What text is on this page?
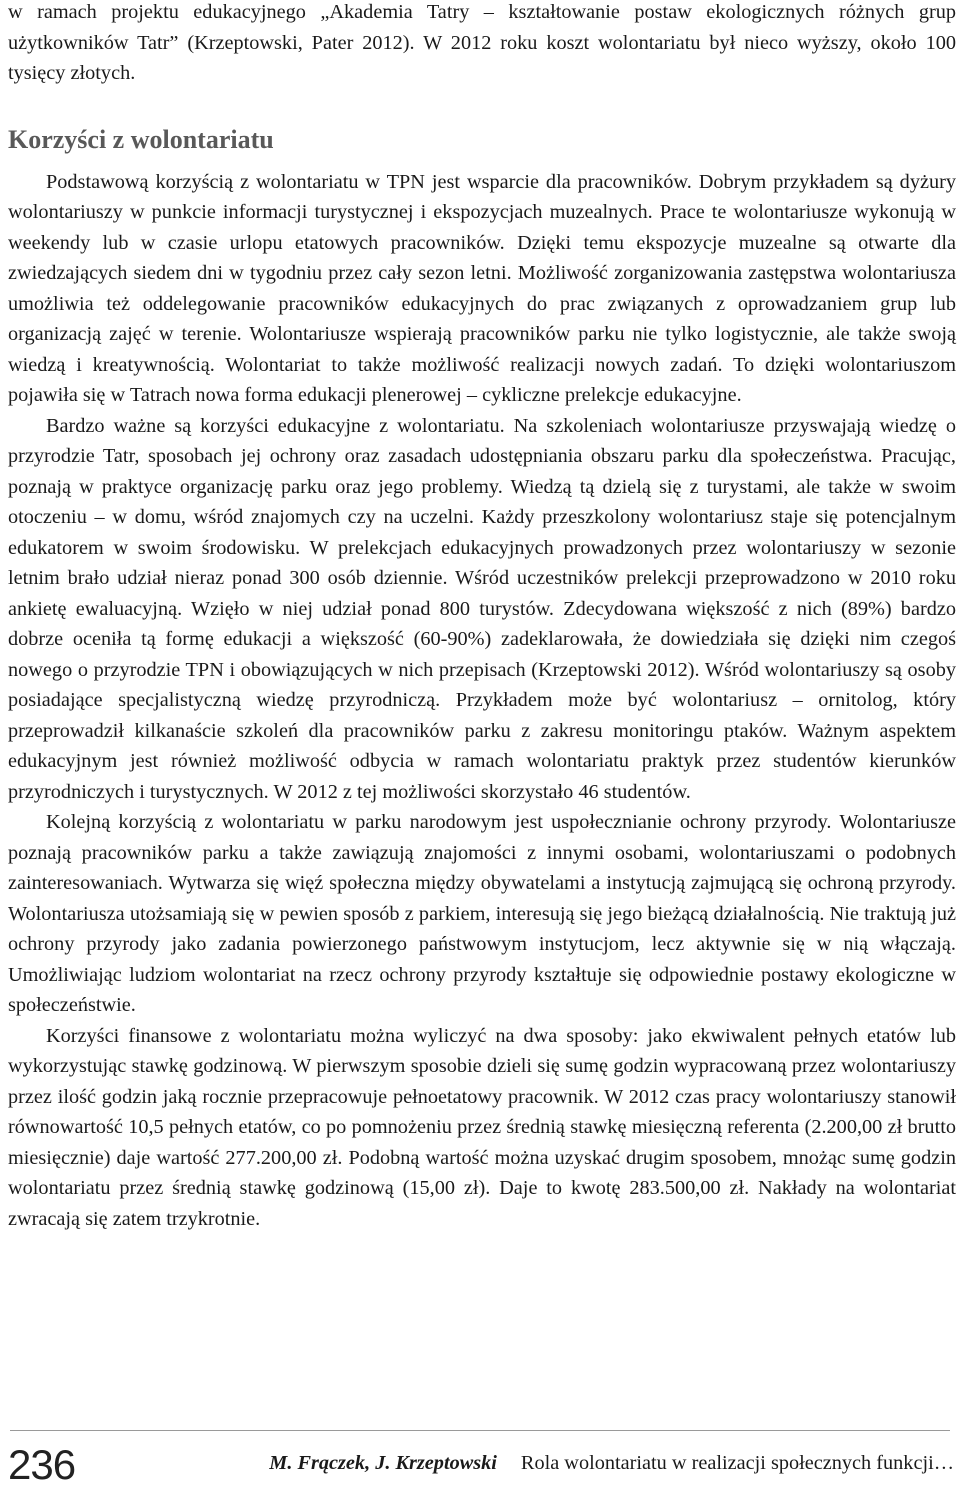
w ramach projektu edukacyjnego „Akademia Tatry – kształtowanie postaw ekologicznych różnych grup użytkowników Tatr” (Krzeptowski, Pater 2012). W 2012 roku koszt wolontariatu był nieco wyższy, około 100 tysięcy złotych.

Korzyści z wolontariatu

Podstawową korzyścią z wolontariatu w TPN jest wsparcie dla pracowników. Dobrym przykładem są dyżury wolontariuszy w punkcie informacji turystycznej i ekspozycjach muzealnych. Prace te wolontariusze wykonują w weekendy lub w czasie urlopu etatowych pracowników. Dzięki temu ekspozycje muzealne są otwarte dla zwiedzających siedem dni w tygodniu przez cały sezon letni. Możliwość zorganizowania zastępstwa wolontariusza umożliwia też oddelegowanie pracowników edukacyjnych do prac związanych z oprowadzaniem grup lub organizacją zajęć w terenie. Wolontariusze wspierają pracowników parku nie tylko logistycznie, ale także swoją wiedzą i kreatywnością. Wolontariat to także możliwość realizacji nowych zadań. To dzięki wolontariuszom pojawiła się w Tatrach nowa forma edukacji plenerowej – cykliczne prelekcje edukacyjne.

Bardzo ważne są korzyści edukacyjne z wolontariatu. Na szkoleniach wolontariusze przyswajają wiedzę o przyrodzie Tatr, sposobach jej ochrony oraz zasadach udostępniania obszaru parku dla społeczeństwa. Pracując, poznają w praktyce organizację parku oraz jego problemy. Wiedzą tą dzielą się z turystami, ale także w swoim otoczeniu – w domu, wśród znajomych czy na uczelni. Każdy przeszkolony wolontariusz staje się potencjalnym edukatorem w swoim środowisku. W prelekcjach edukacyjnych prowadzonych przez wolontariuszy w sezonie letnim brało udział nieraz ponad 300 osób dziennie. Wśród uczestników prelekcji przeprowadzono w 2010 roku ankietę ewaluacyjną. Wzięło w niej udział ponad 800 turystów. Zdecydowana większość z nich (89%) bardzo dobrze oceniła tą formę edukacji a większość (60-90%) zadeklarowała, że dowiedziała się dzięki nim czegoś nowego o przyrodzie TPN i obowiązujących w nich przepisach (Krzeptowski 2012). Wśród wolontariuszy są osoby posiadające specjalistyczną wiedzę przyrodniczą. Przykładem może być wolontariusz – ornitolog, który przeprowadził kilkanaście szkoleń dla pracowników parku z zakresu monitoringu ptaków. Ważnym aspektem edukacyjnym jest również możliwość odbycia w ramach wolontariatu praktyk przez studentów kierunków przyrodniczych i turystycznych. W 2012 z tej możliwości skorzystało 46 studentów.

Kolejną korzyścią z wolontariatu w parku narodowym jest uspołecznianie ochrony przyrody. Wolontariusze poznają pracowników parku a także zawiązują znajomości z innymi osobami, wolontariuszami o podobnych zainteresowaniach. Wytwarza się więź społeczna między obywatelami a instytucją zajmującą się ochroną przyrody. Wolontariusza utożsamiają się w pewien sposób z parkiem, interesują się jego bieżącą działalnością. Nie traktują już ochrony przyrody jako zadania powierzonego państwowym instytucjom, lecz aktywnie się w nią włączają. Umożliwiając ludziom wolontariat na rzecz ochrony przyrody kształtuje się odpowiednie postawy ekologiczne w społeczeństwie.

Korzyści finansowe z wolontariatu można wyliczyć na dwa sposoby: jako ekwiwalent pełnych etatów lub wykorzystując stawkę godzinową. W pierwszym sposobie dzieli się sumę godzin wypracowaną przez wolontariuszy przez ilość godzin jaką rocznie przepracowuje pełnoetatowy pracownik. W 2012 czas pracy wolontariuszy stanowił równowartość 10,5 pełnych etatów, co po pomnożeniu przez średnią stawkę miesięczną referenta (2.200,00 zł brutto miesięcznie) daje wartość 277.200,00 zł. Podobną wartość można uzyskać drugim sposobem, mnożąc sumę godzin wolontariatu przez średnią stawkę godzinową (15,00 zł). Daje to kwotę 283.500,00 zł. Nakłady na wolontariat zwracają się zatem trzykrotnie.

236	M. Frączek, J. Krzeptowski Rola wolontariatu w realizacji społecznych funkcji…
